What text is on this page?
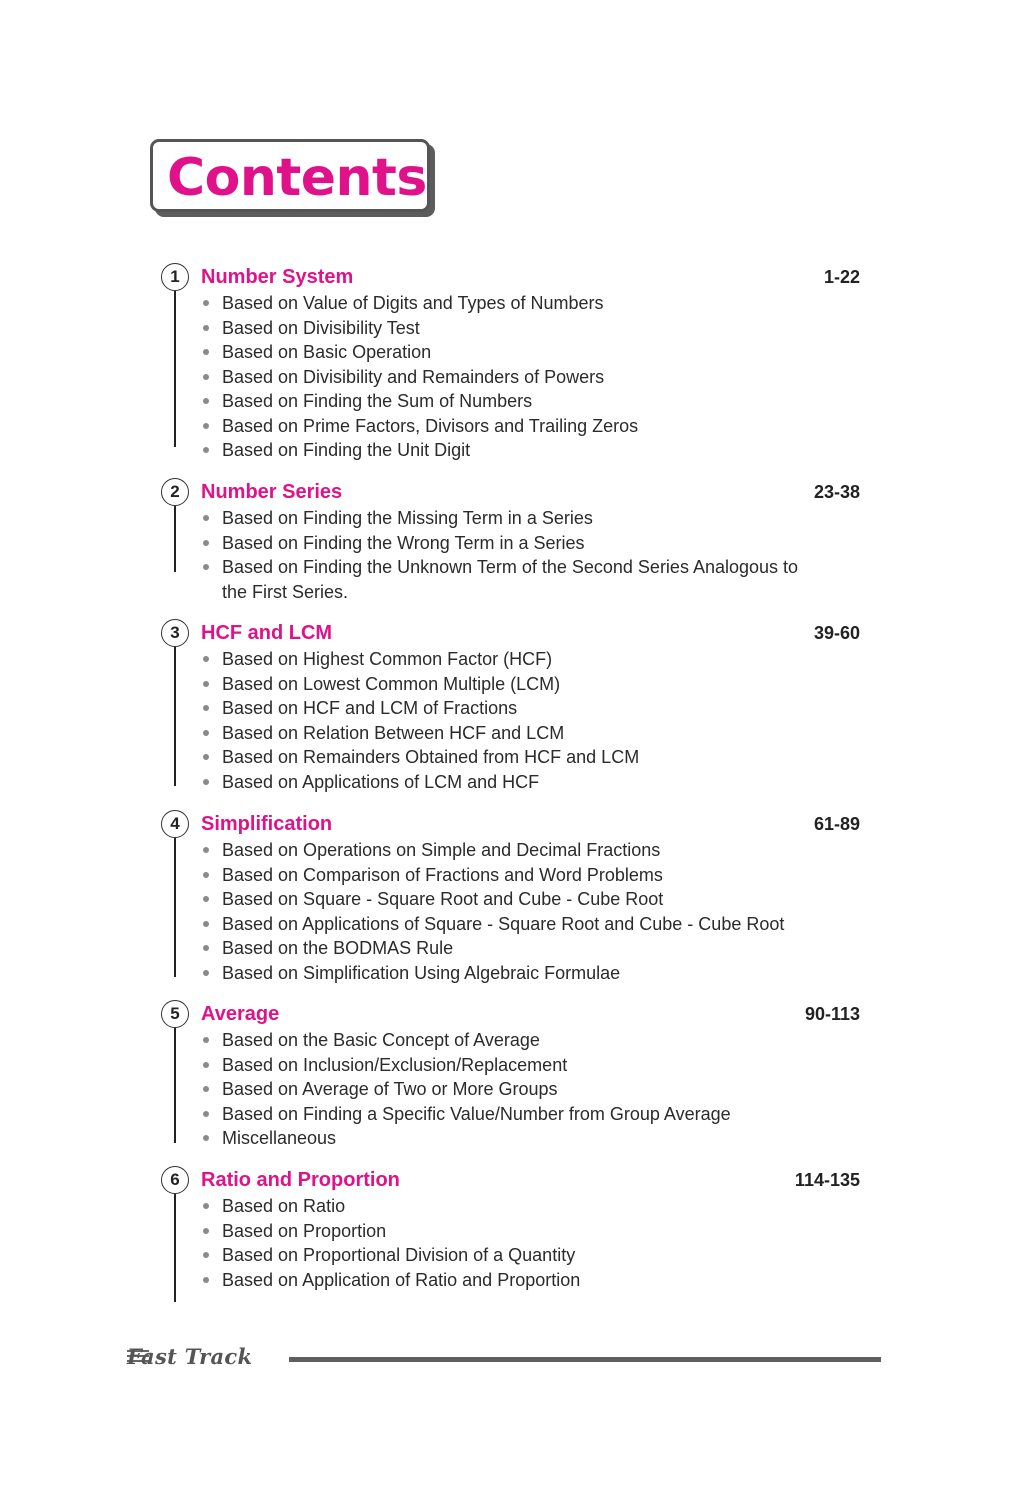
Contents
1	Number System	1-22
Based on Value of Digits and Types of Numbers
Based on Divisibility Test
Based on Basic Operation
Based on Divisibility and Remainders of Powers
Based on Finding the Sum of Numbers
Based on Prime Factors, Divisors and Trailing Zeros
Based on Finding the Unit Digit
2	Number Series	23-38
Based on Finding the Missing Term in a Series
Based on Finding the Wrong Term in a Series
Based on Finding the Unknown Term of the Second Series Analogous to the First Series.
3	HCF and LCM	39-60
Based on Highest Common Factor (HCF)
Based on Lowest Common Multiple (LCM)
Based on HCF and LCM of Fractions
Based on Relation Between HCF and LCM
Based on Remainders Obtained from HCF and LCM
Based on Applications of LCM and HCF
4	Simplification	61-89
Based on Operations on Simple and Decimal Fractions
Based on Comparison of Fractions and Word Problems
Based on Square - Square Root and Cube - Cube Root
Based on Applications of Square - Square Root and Cube - Cube Root
Based on the BODMAS Rule
Based on Simplification Using Algebraic Formulae
5	Average	90-113
Based on the Basic Concept of Average
Based on Inclusion/Exclusion/Replacement
Based on Average of Two or More Groups
Based on Finding a Specific Value/Number from Group Average
Miscellaneous
6	Ratio and Proportion	114-135
Based on Ratio
Based on Proportion
Based on Proportional Division of a Quantity
Based on Application of Ratio and Proportion
Fast Track
